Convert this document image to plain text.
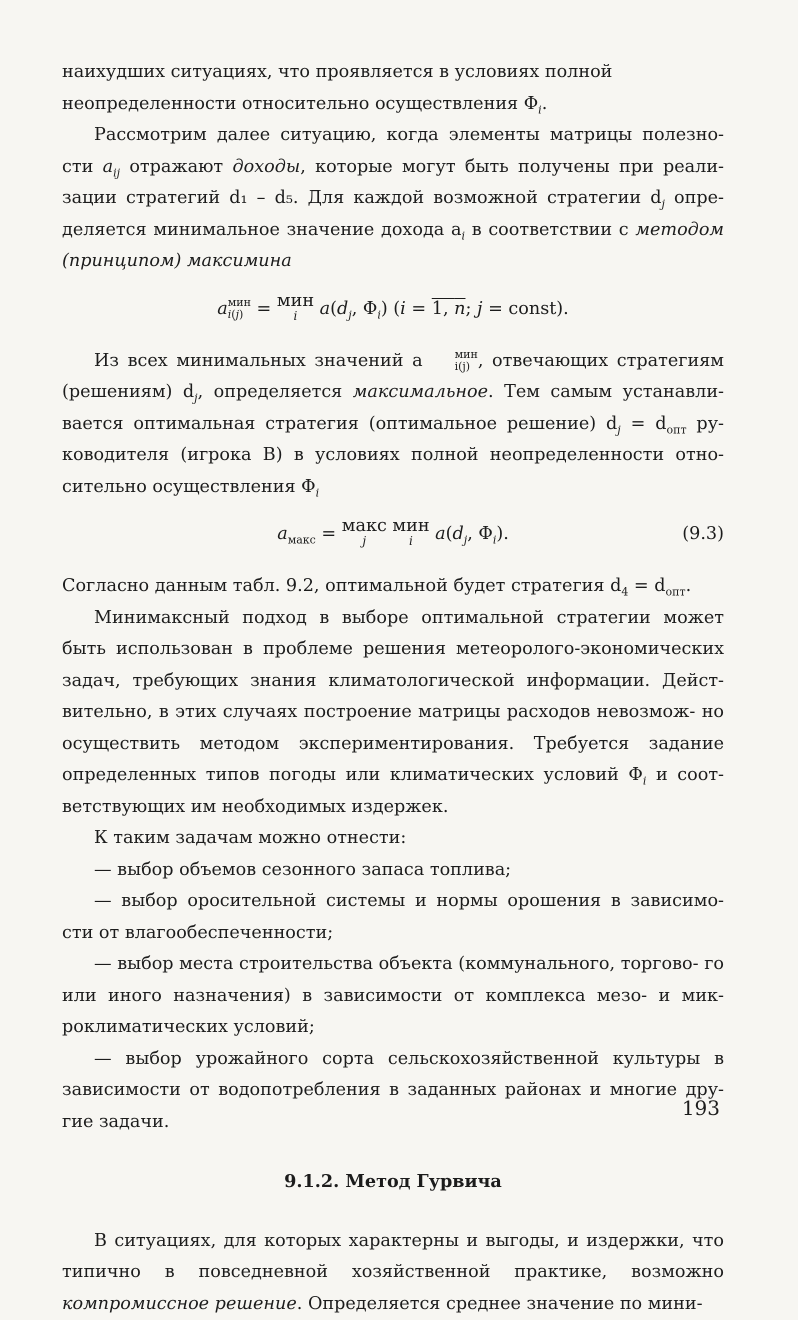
наихудших ситуациях, что проявляется в условиях полной

неопределенности относительно осуществления $\Phi_i$.

Рассмотрим далее ситуацию, когда элементы матрицы полезно- сти $a_{ij}$ отражают доходы, которые могут быть получены при реали- зации стратегий d₁ – d₅. Для каждой возможной стратегии $d_j$ опре- деляется минимальное значение дохода $a_i$ в соответствии с методом (принципом) максимина

a мин
i(j) = мин
i $a(d_j$, $\Phi_i$) (i = 1, n; j = const).

Из всех минимальных значений a	мин
i(j) , отвечающих стратегиям (решениям) $d_j$, определяется максимальное. Тем самым устанавли- вается оптимальная стратегия (оптимальное решение) $d_j = d_{опт}$ ру- ководителя (игрока B) в условиях полной неопределенности отно- сительно осуществления $\Phi_i$

$a_{макс}$ = макс
j мин
i $a(d_j$, $\Phi_i$).	(9.3)

Согласно данным табл. 9.2, оптимальной будет стратегия $d_4 = d_{опт}$.

Минимаксный подход в выборе оптимальной стратегии может быть использован в проблеме решения метеоролого-экономических задач, требующих знания климатологической информации. Дейст- вительно, в этих случаях построение матрицы расходов невозмож- но осуществить методом экспериментирования. Требуется задание определенных типов погоды или климатических условий $\Phi_i$ и соот- ветствующих им необходимых издержек.

К таким задачам можно отнести:

— выбор объемов сезонного запаса топлива;

— выбор оросительной системы и нормы орошения в зависимо- сти от влагообеспеченности;

— выбор места строительства объекта (коммунального, торгово- го или иного назначения) в зависимости от комплекса мезо- и мик- роклиматических условий;

— выбор урожайного сорта сельскохозяйственной культуры в зависимости от водопотребления в заданных районах и многие дру- гие задачи.

9.1.2. Метод Гурвича

В ситуациях, для которых характерны и выгоды, и издержки, что типично в повседневной хозяйственной практике, возможно компромиссное решение. Определяется среднее значение по мини-

193
